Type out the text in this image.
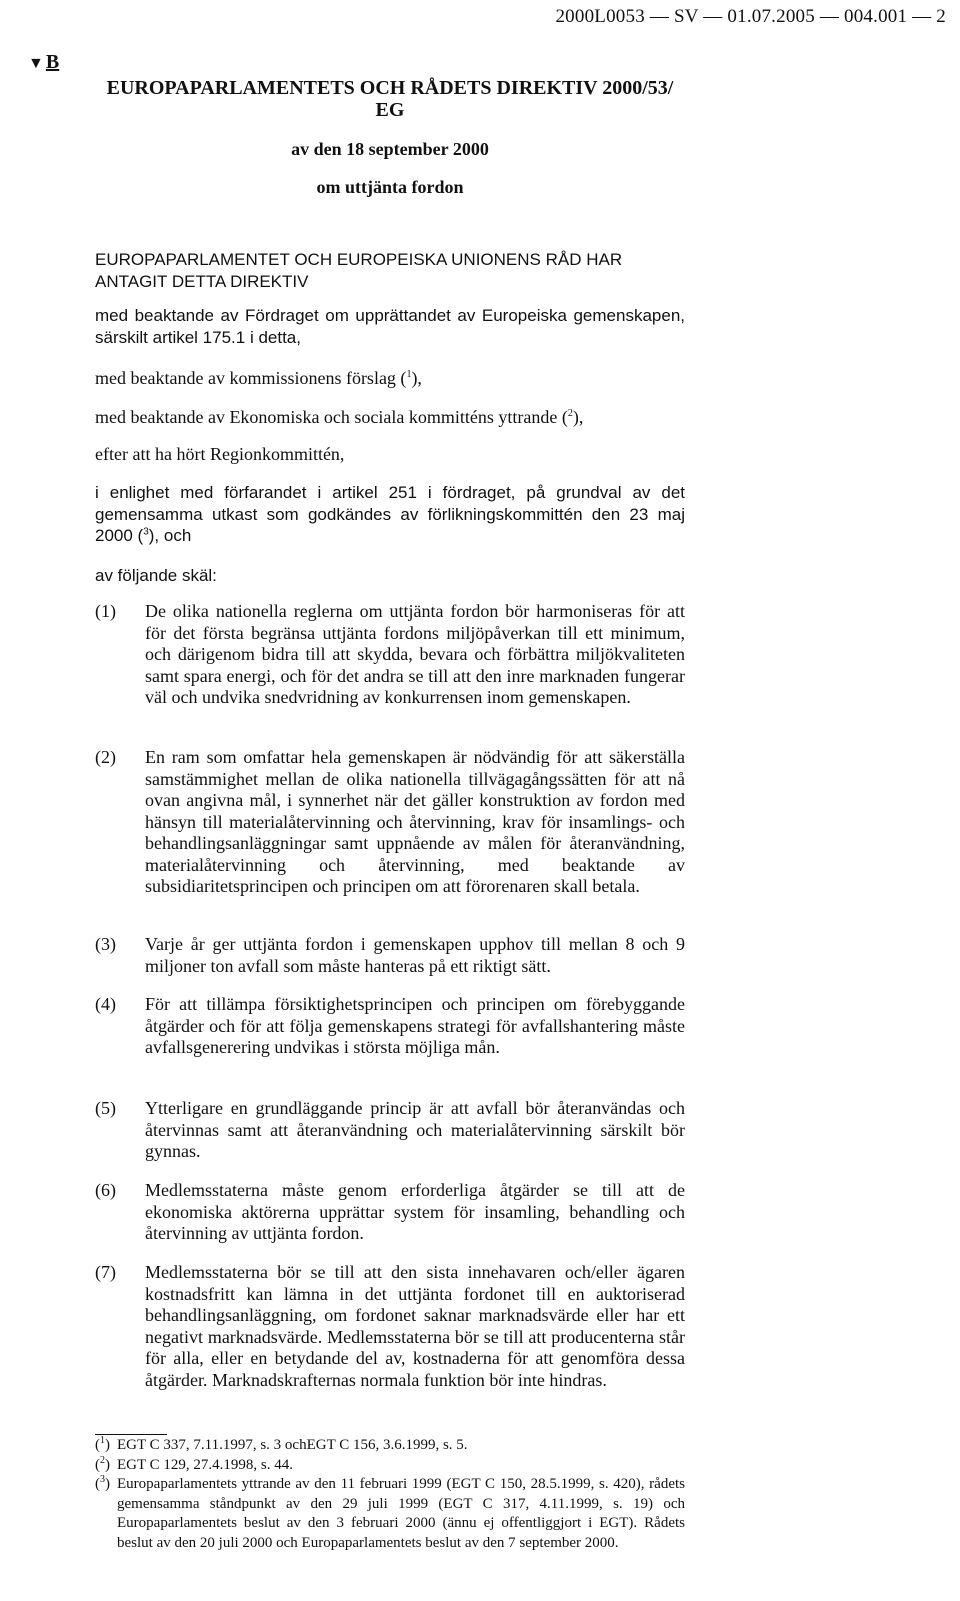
2000L0053 — SV — 01.07.2005 — 004.001 — 2
▼ B
EUROPAPARLAMENTETS OCH RÅDETS DIREKTIV 2000/53/ EG
av den 18 september 2000
om uttjänta fordon
EUROPAPARLAMENTET OCH EUROPEISKA UNIONENS RÅD HAR ANTAGIT DETTA DIREKTIV
med beaktande av Fördraget om upprättandet av Europeiska gemenskapen, särskilt artikel 175.1 i detta,
med beaktande av kommissionens förslag ($^1$),
med beaktande av Ekonomiska och sociala kommitténs yttrande ($^2$),
efter att ha hört Regionkommittén,
i enlighet med förfarandet i artikel 251 i fördraget, på grundval av det gemensamma utkast som godkändes av förlikningskommittén den 23 maj 2000 ($^3$), och
av följande skäl:
(1) De olika nationella reglerna om uttjänta fordon bör harmoniseras för att för det första begränsa uttjänta fordons miljöpåverkan till ett minimum, och därigenom bidra till att skydda, bevara och förbättra miljökvaliteten samt spara energi, och för det andra se till att den inre marknaden fungerar väl och undvika snedvridning av konkurrensen inom gemenskapen.
(2) En ram som omfattar hela gemenskapen är nödvändig för att säkerställa samstämmighet mellan de olika nationella tillvägagångssätten för att nå ovan angivna mål, i synnerhet när det gäller konstruktion av fordon med hänsyn till materialåtervinning och återvinning, krav för insamlings- och behandlingsanläggningar samt uppnående av målen för återanvändning, materialåtervinning och återvinning, med beaktande av subsidiaritetsprincipen och principen om att förorenaren skall betala.
(3) Varje år ger uttjänta fordon i gemenskapen upphov till mellan 8 och 9 miljoner ton avfall som måste hanteras på ett riktigt sätt.
(4) För att tillämpa försiktighetsprincipen och principen om förebyggande åtgärder och för att följa gemenskapens strategi för avfallshantering måste avfallsgenerering undvikas i största möjliga mån.
(5) Ytterligare en grundläggande princip är att avfall bör återanvändas och återvinnas samt att återanvändning och materialåtervinning särskilt bör gynnas.
(6) Medlemsstaterna måste genom erforderliga åtgärder se till att de ekonomiska aktörerna upprättar system för insamling, behandling och återvinning av uttjänta fordon.
(7) Medlemsstaterna bör se till att den sista innehavaren och/eller ägaren kostnadsfritt kan lämna in det uttjänta fordonet till en auktoriserad behandlingsanläggning, om fordonet saknar marknadsvärde eller har ett negativt marknadsvärde. Medlemsstaterna bör se till att producenterna står för alla, eller en betydande del av, kostnaderna för att genomföra dessa åtgärder. Marknadskrafternas normala funktion bör inte hindras.
($^1$) EGT C 337, 7.11.1997, s. 3 ochEGT C 156, 3.6.1999, s. 5.
($^2$) EGT C 129, 27.4.1998, s. 44.
($^3$) Europaparlamentets yttrande av den 11 februari 1999 (EGT C 150, 28.5.1999, s. 420), rådets gemensamma ståndpunkt av den 29 juli 1999 (EGT C 317, 4.11.1999, s. 19) och Europaparlamentets beslut av den 3 februari 2000 (ännu ej offentliggjort i EGT). Rådets beslut av den 20 juli 2000 och Europaparlamentets beslut av den 7 september 2000.
